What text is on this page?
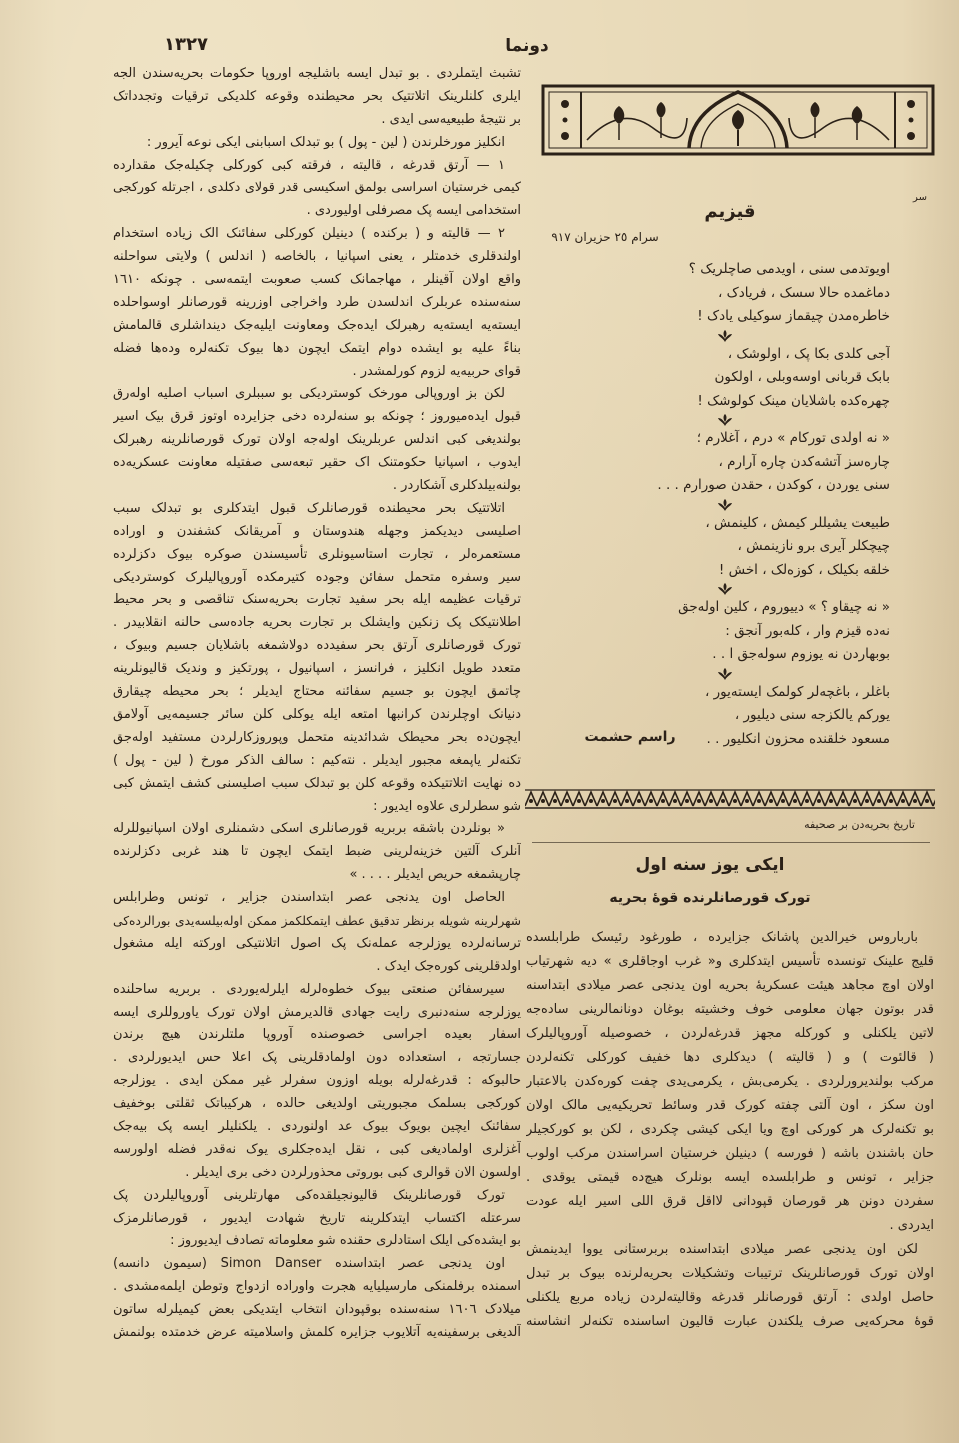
١٣٢٧	دونما
تشبث ایتملردی . بو تبدل ایسه باشلیجه اوروپا حکومات بحریه‌سندن الجه
ایلری کلنلرینک اتلاتتیک بحر محیطنده وقوعه کلدیکی ترقیات وتجدداتک
بر نتیجهٔ طبیعیه‌سی ایدی .
انکلیز مورخلرندن ( لین - پول ) بو تبدلک اسبابنی ایکی نوعه آیرور :
١ — آرتق قدرغه ، قالیته ، فرقته کبی کورکلی چکیله‌جک مقدارده
کیمی خرستیان اسراسی بولمق اسکیسی قدر قولای دکلدی ، اجرتله کورکجی
استخدامی ایسه پک مصرفلی اولیوردی .
٢ — قالیته و ( برکنده ) دینیلن کورکلی سفائنک الک زیاده استخدام
اولندقلری خدمتلر ، یعنی اسپانیا ، بالخاصه ( اندلس ) ولایتی سواحلنه
واقع اولان آقینلر ، مهاجمانک کسب صعوبت ایتمه‌سی . چونکه ١٦١٠
سنه‌سنده عربلرک اندلسدن طرد واخراجی اوزرینه قورصانلر اوسواحلده
ایسته‌یه ایسته‌یه رهبرلک ایده‌جک ومعاونت ایلیه‌جک دینداشلری قالمامش
بناءً علیه بو ایشده دوام ایتمک ایچون دها بیوک تکنه‌لره وده‌ها فضله
قوای حربیه‌یه لزوم کورلمشدر .
لکن بز اوروپالی مورخک کوستردیکی بو سببلری اسباب اصلیه اوله‌رق
قبول ایده‌میوروز ؛ چونکه بو سنه‌لرده دخی جزایرده اوتوز قرق بیک اسیر
بولندیغی کبی اندلس عربلرینک اوله‌جه اولان تورک قورصانلرینه رهبرلک
ایدوب ، اسپانیا حکومتنک اک حقیر تبعه‌سی صفتیله معاونت عسکریه‌ده
بولنه‌بیلدکلری آشکاردر .
اتلاتتیک بحر محیطنده قورصانلرک قبول ایتدکلری بو تبدلک سبب
اصلیسی دیدیکمز وجهله هندوستان و آمریقانک کشفندن و اوراده
مستعمره‌لر ، تجارت استاسیونلری تأسیسندن صوکره بیوک دکزلرده
سیر وسفره متحمل سفائن وجوده کتیرمکده آوروپالیلرک کوستردیکی
ترقیات عظیمه ایله بحر سفید تجارت بحریه‌سنک تناقصی و بحر محیط
اطلانتیکک پک زنکین وایشلک بر تجارت بحریه جاده‌سی حالنه انقلابیدر .
تورک قورصانلری آرتق بحر سفیدده دولاشمغه باشلایان جسیم وبیوک ،
متعدد طویل انکلیز ، فرانسز ، اسپانیول ، پورتکیز و وندیک قالیونلرینه
چاتمق ایچون بو جسیم سفائنه محتاج ایدیلر ؛ بحر محیطه چیقارق
دنیانک اوچلرندن کرانبها امتعه ایله یوکلی کلن سائر جسیمه‌یی آولامق
ایچون‌ده بحر محیطک شدائدینه متحمل وپوروزکارلردن مستفید اوله‌جق
تکنه‌لر یاپمغه مجبور ایدیلر . نته‌کیم : سالف الذکر مورخ ( لین - پول )
ده نهایت اتلاتتیکده وقوعه کلن بو تبدلک سبب اصلیسنی کشف ایتمش کبی
شو سطرلری علاوه ایدیور :
« بونلردن باشقه بربریه قورصانلری اسکی دشمنلری اولان اسپانیوللرله
آنلرک آلتین خزینه‌لرینی ضبط ایتمک ایچون تا هند غربی دکزلرنده
چارپشمغه حریص ایدیلر . . . . »
الحاصل اون یدنجی عصر ابتداسندن جزایر ، تونس وطرابلس
شهرلرینه شویله برنظر تدقیق عطف ایتمکلکمز ممکن اوله‌بیلسه‌یدی بورالرده‌کی
ترسانه‌لرده یوزلرجه عمله‌نک پک اصول اتلانتیکی اورکته ایله مشغول
اولدقلرینی کوره‌جک ایدک .
سیرسفائن صنعتی بیوک خطوه‌لرله ایلرله‌یوردی . بربریه ساحلنده
یوزلرجه سنه‌دنبری رایت جهادی قالدیرمش اولان تورک یاوروللری ایسه
اسفار بعیده اجراسی خصوصنده آوروپا ملتلرندن هیچ برندن
جسارتجه ، استعداده دون اولمادقلرینی پک اعلا حس ایدیورلردی .
حالبوکه : قدرغه‌لرله بویله اوزون سفرلر غیر ممکن ایدی . یوزلرجه
کورکجی بسلمک مجبوریتی اولدیغی حالده ، هرکیباتک ثقلتی بوخفیف
سفائنک ایچین بویوک بیوک عد اولنوردی . یلکنلیلر ایسه پک بیه‌جک
آغزلری اولمادیغی کبی ، نقل ایده‌جکلری یوک نه‌قدر فضله اولورسه
اولسون الان قوالری کبی بوروتی محذورلردن دخی بری ایدیلر .
تورک قورصانلرینک قالیونجیلقده‌کی مهارتلرینی آوروپالیلردن پک
سرعتله اکتساب ایتدکلرینه تاریخ شهادت ایدیور ، قورصانلرمزک
بو ایشده‌کی ایلک استادلری حقنده شو معلوماته تصادف ایدیوروز :
اون یدنجی عصر ابتداسنده Simon Danser (سیمون دانسه)
اسمنده برفلمنکی مارسیلیایه هجرت واوراده ازدواج وتوطن ایلمه‌مشدی .
میلادک ١٦٠٦ سنه‌سنده بوقپودان انتخاب ایتدیکی بعض کیمیلرله ساتون
آلدیغی برسفینه‌یه آتلایوب جزایره کلمش واسلامیته عرض خدمتده بولنمش
سر
قیزیم
سرام ٢٥ حزیران ٩١٧
اویوتدمی سنی ، اویدمی صاچلریک ؟
دماغمده حالا سسک ، فریادک ،
خاطره‌مدن چیقماز سوکیلی یادک !
آجی کلدی بکا پک ، اولوشک ،
بابک قربانی اوسه‌وبلی ، اولکون
چهره‌کده باشلایان مینک کولوشک !
« نه اولدی تورکام » درم ، آغلارم ؛
چاره‌سز آتشه‌کدن چاره آرارم ،
سنی یوردن ، کوکدن ، حقدن صورارم . . .
طبیعت یشیللر کیمش ، کلینمش ،
چیچکلر آیری برو نازینمش ،
خلقه بکیلک ، کوزه‌لک ، اخش !
« نه چیقاو ؟ » دییوروم ، کلین اوله‌جق
نه‌ده قیزم وار ، کله‌بور آنجق :
بوبهاردن نه یوزوم سوله‌جق ا . .
باغلر ، باغچه‌لر کولمک ایسته‌یور ،
یورکم یالکزجه سنی دیلیور ،
مسعود خلقنده محزون انکلیور . .
راسم حشمت
تاریخ بحریه‌دن بر صحیفه
ایکی یوز سنه اول
تورک قورصانلرنده قوهٔ بحریه
بارباروس خیرالدین پاشانک جزایرده ، طورغود رئیسک طرابلسده
قلیج علینک تونسده تأسیس ایتدکلری و« غرب اوجاقلری » دیه شهرتیاب
اولان اوچ مجاهد هیئت عسکریهٔ بحریه اون یدنجی عصر میلادی ابتداسنه
قدر بوتون جهان معلومی خوف وخشیته بوغان دونانمالرینی ساده‌جه
لاتین یلکنلی و کورکله مجهز قدرغه‌لردن ، خصوصیله آوروپالیلرک
( قالئوت ) و ( قالیته ) دیدکلری دها خفیف کورکلی تکنه‌لردن
مرکب بولندیرورلردی . یکرمی‌بش ، یکرمی‌یدی چفت کوره‌کدن بالاعتبار
اون سکز ، اون آلتی چفته کورک قدر وسائط تحریکیه‌یی مالک اولان
بو تکنه‌لرک هر کورکی اوچ ویا ایکی کیشی چکردی ، لکن بو کورکجیلر
حان باشندن باشه ( فورسه ) دینیلن خرستیان اسراسندن مرکب اولوب
جزایر ، تونس و طرابلسده ایسه بونلرک هیچ‌ده قیمتی یوقدی .
سفردن دونن هر قورصان قپودانی لااقل قرق اللی اسیر ایله عودت
ایدردی .
لکن اون یدنجی عصر میلادی ابتداسنده بربرستانی یووا ایدینمش
اولان تورک قورصانلرینک ترتیبات وتشکیلات بحریه‌لرنده بیوک بر تبدل
حاصل اولدی : آرتق قورصانلر قدرغه وقالیته‌لردن زیاده مربع یلکنلی
قوهٔ محرکه‌یی صرف یلکندن عبارت قالیون اساسنده تکنه‌لر انشاسنه
